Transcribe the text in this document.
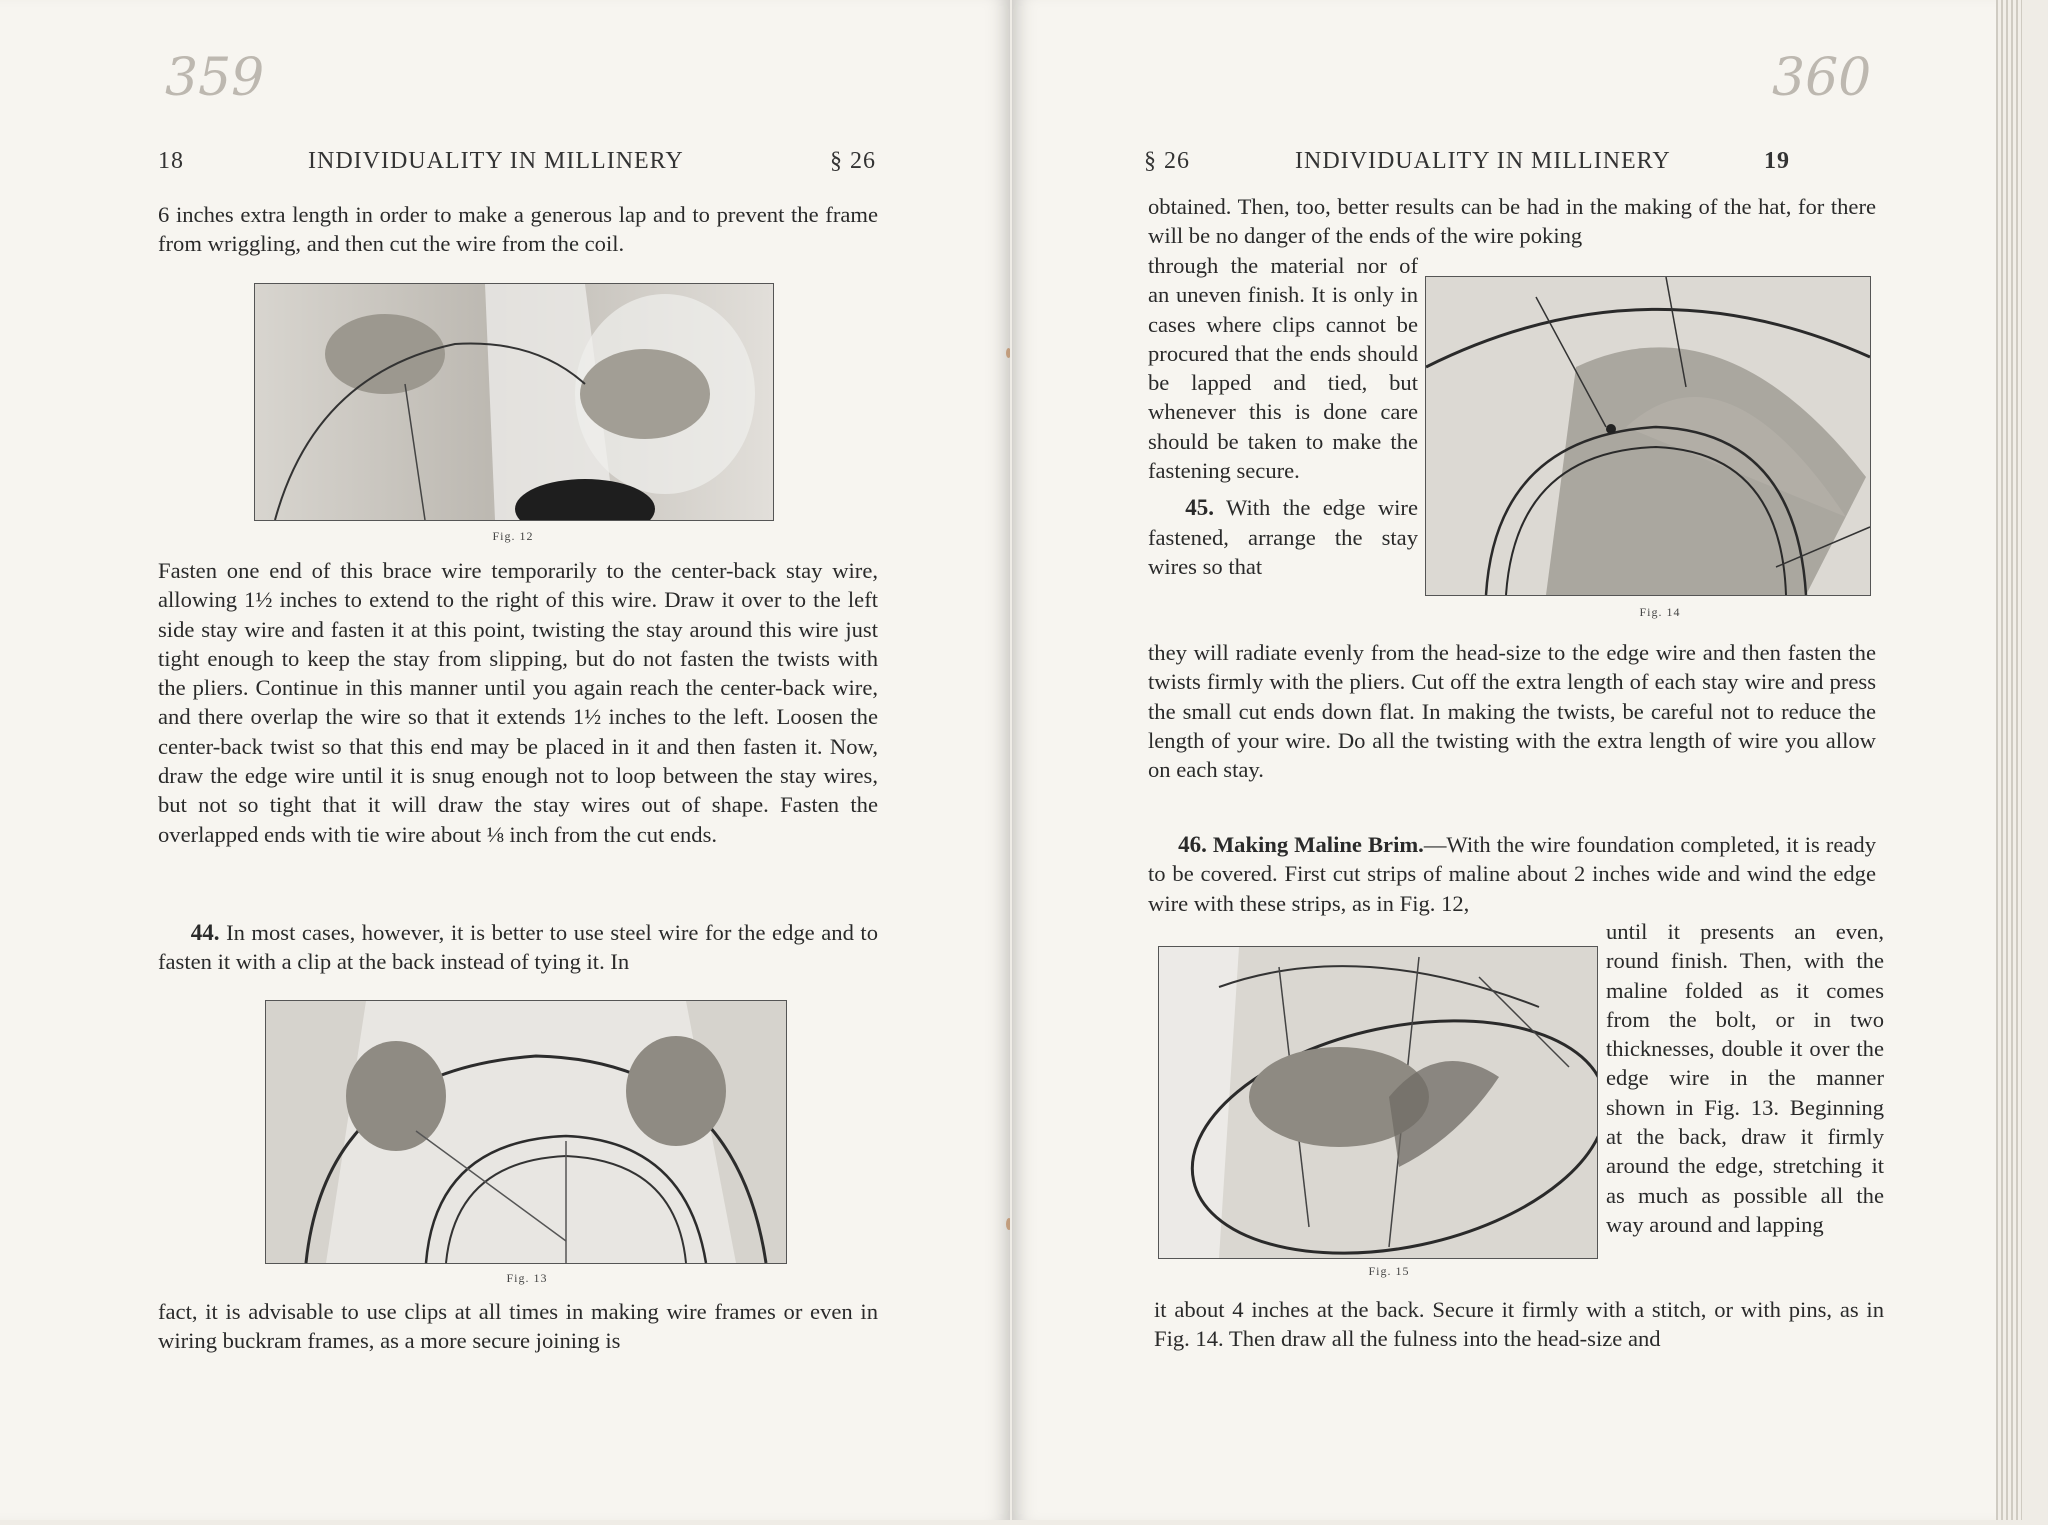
359
18	INDIVIDUALITY IN MILLINERY	§ 26

6 inches extra length in order to make a generous lap and to prevent the frame from wriggling, and then cut the wire from the coil.

Fig. 12

Fasten one end of this brace wire temporarily to the center-back stay wire, allowing 1½ inches to extend to the right of this wire. Draw it over to the left side stay wire and fasten it at this point, twisting the stay around this wire just tight enough to keep the stay from slipping, but do not fasten the twists with the pliers. Continue in this manner until you again reach the center-back wire, and there overlap the wire so that it extends 1½ inches to the left. Loosen the center-back twist so that this end may be placed in it and then fasten it. Now, draw the edge wire until it is snug enough not to loop between the stay wires, but not so tight that it will draw the stay wires out of shape. Fasten the overlapped ends with tie wire about ⅛ inch from the cut ends.

44. In most cases, however, it is better to use steel wire for the edge and to fasten it with a clip at the back instead of tying it. In

Fig. 13

fact, it is advisable to use clips at all times in making wire frames or even in wiring buckram frames, as a more secure joining is

360
§ 26	INDIVIDUALITY IN MILLINERY	19

obtained. Then, too, better results can be had in the making of the hat, for there will be no danger of the ends of the wire poking

through the material nor of an uneven finish. It is only in cases where clips cannot be procured that the ends should be lapped and tied, but whenever this is done care should be taken to make the fastening secure.

45. With the edge wire fastened, arrange the stay wires so that

Fig. 14

they will radiate evenly from the head-size to the edge wire and then fasten the twists firmly with the pliers. Cut off the extra length of each stay wire and press the small cut ends down flat. In making the twists, be careful not to reduce the length of your wire. Do all the twisting with the extra length of wire you allow on each stay.

46. Making Maline Brim.—With the wire foundation completed, it is ready to be covered. First cut strips of maline about 2 inches wide and wind the edge wire with these strips, as in Fig. 12,

Fig. 15

until it presents an even, round finish. Then, with the maline folded as it comes from the bolt, or in two thicknesses, double it over the edge wire in the manner shown in Fig. 13. Beginning at the back, draw it firmly around the edge, stretching it as much as possible all the way around and lapping

it about 4 inches at the back. Secure it firmly with a stitch, or with pins, as in Fig. 14. Then draw all the fulness into the head-size and
